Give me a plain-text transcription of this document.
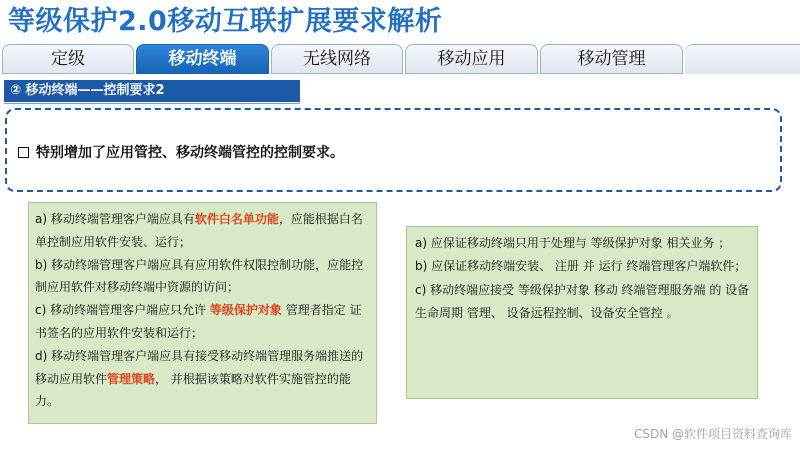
等级保护2.0移动互联扩展要求解析
定级	移动终端	无线网络	移动应用	移动管理
② 移动终端——控制要求2
特别增加了应用管控、移动终端管控的控制要求。

a) 移动终端管理客户端应具有软件白名单功能，应能根据白名单控制应用软件安装、运行；

b) 移动终端管理客户端应具有应用软件权限控制功能，应能控制应用软件对移动终端中资源的访问；

c) 移动终端管理客户端应只允许 等级保护对象 管理者指定 证书签名的应用软件安装和运行；

d) 移动终端管理客户端应具有接受移动终端管理服务端推送的移动应用软件管理策略， 并根据该策略对软件实施管控的能力。

a) 应保证移动终端只用于处理与 等级保护对象 相关业务 ；

b) 应保证移动终端安装、 注册 并 运行 终端管理客户端软件；

c) 移动终端应接受 等级保护对象 移动 终端管理服务端 的 设备 生命周期 管理、 设备远程控制、设备安全管控 。

CSDN @软件项目资料查询库
